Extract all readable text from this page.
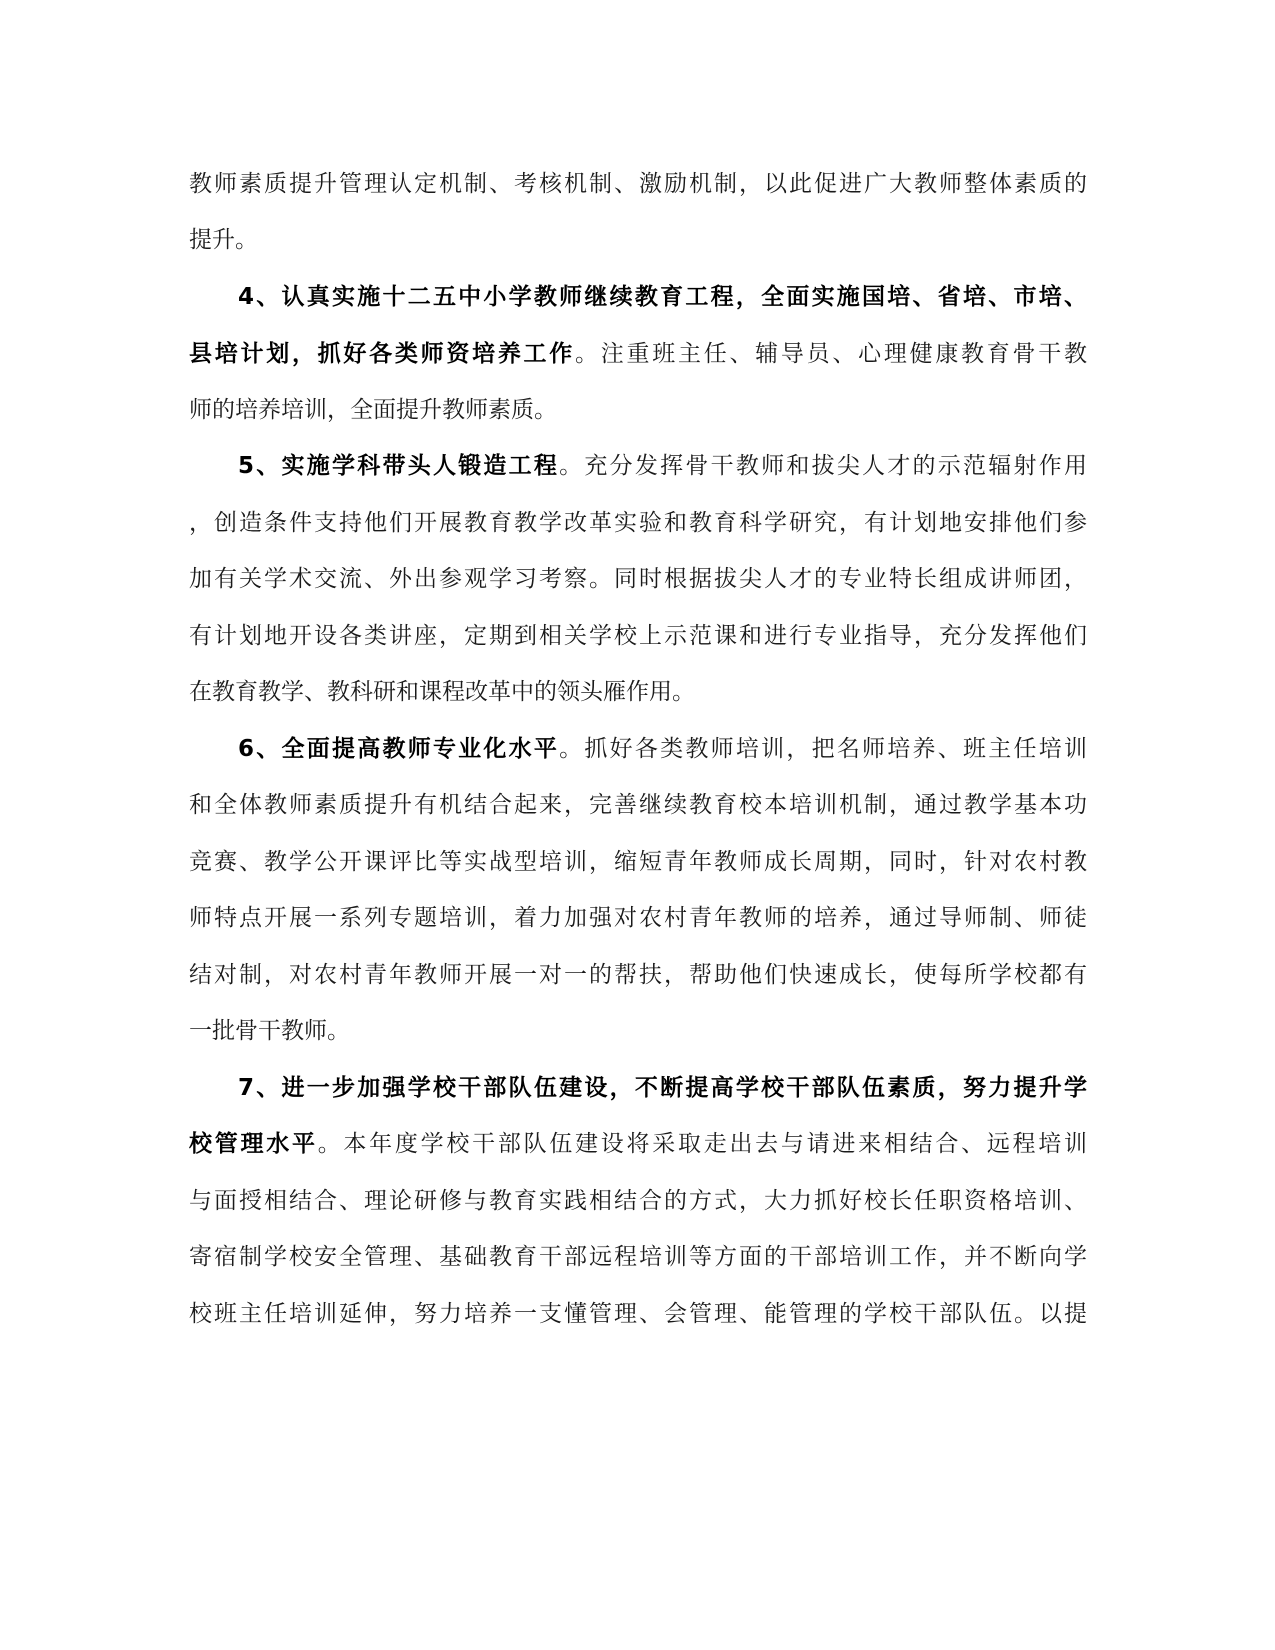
教师素质提升管理认定机制、考核机制、激励机制，以此促进广大教师整体素质的
提升。
4、认真实施十二五中小学教师继续教育工程，全面实施国培、省培、市培、
县培计划，抓好各类师资培养工作。注重班主任、辅导员、心理健康教育骨干教
师的培养培训，全面提升教师素质。
5、实施学科带头人锻造工程。充分发挥骨干教师和拔尖人才的示范辐射作用
，创造条件支持他们开展教育教学改革实验和教育科学研究，有计划地安排他们参
加有关学术交流、外出参观学习考察。同时根据拔尖人才的专业特长组成讲师团，
有计划地开设各类讲座，定期到相关学校上示范课和进行专业指导，充分发挥他们
在教育教学、教科研和课程改革中的领头雁作用。
6、全面提高教师专业化水平。抓好各类教师培训，把名师培养、班主任培训
和全体教师素质提升有机结合起来，完善继续教育校本培训机制，通过教学基本功
竞赛、教学公开课评比等实战型培训，缩短青年教师成长周期，同时，针对农村教
师特点开展一系列专题培训，着力加强对农村青年教师的培养，通过导师制、师徒
结对制，对农村青年教师开展一对一的帮扶，帮助他们快速成长，使每所学校都有
一批骨干教师。
7、进一步加强学校干部队伍建设，不断提高学校干部队伍素质，努力提升学
校管理水平。本年度学校干部队伍建设将采取走出去与请进来相结合、远程培训
与面授相结合、理论研修与教育实践相结合的方式，大力抓好校长任职资格培训、
寄宿制学校安全管理、基础教育干部远程培训等方面的干部培训工作，并不断向学
校班主任培训延伸，努力培养一支懂管理、会管理、能管理的学校干部队伍。以提
